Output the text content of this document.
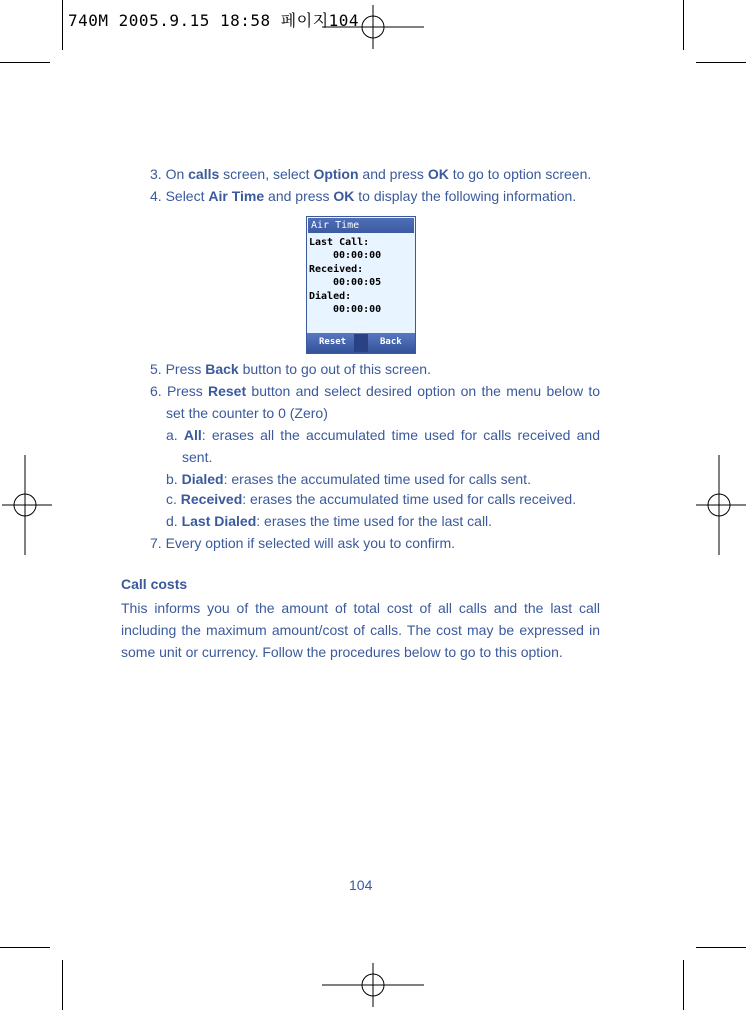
740M 2005.9.15 18:58 페이지104
3. On calls screen, select Option and press OK to go to option screen.
4. Select Air Time and press OK to display the following information.
Air Time
Last Call:
00:00:00
Received:
00:00:05
Dialed:
00:00:00
Reset	Back
5. Press Back button to go out of this screen.
6. Press Reset button and select desired option on the menu below to
set the counter to 0 (Zero)
a. All: erases all the accumulated time used for calls received and
sent.
b. Dialed: erases the accumulated time used for calls sent.
c. Received: erases the accumulated time used for calls received.
d. Last Dialed: erases the time used for the last call.
7. Every option if selected will ask you to confirm.
Call costs
This informs you of the amount of total cost of all calls and the last call
including the maximum amount/cost of calls. The cost may be expressed in
some unit or currency. Follow the procedures below to go to this option.
104
